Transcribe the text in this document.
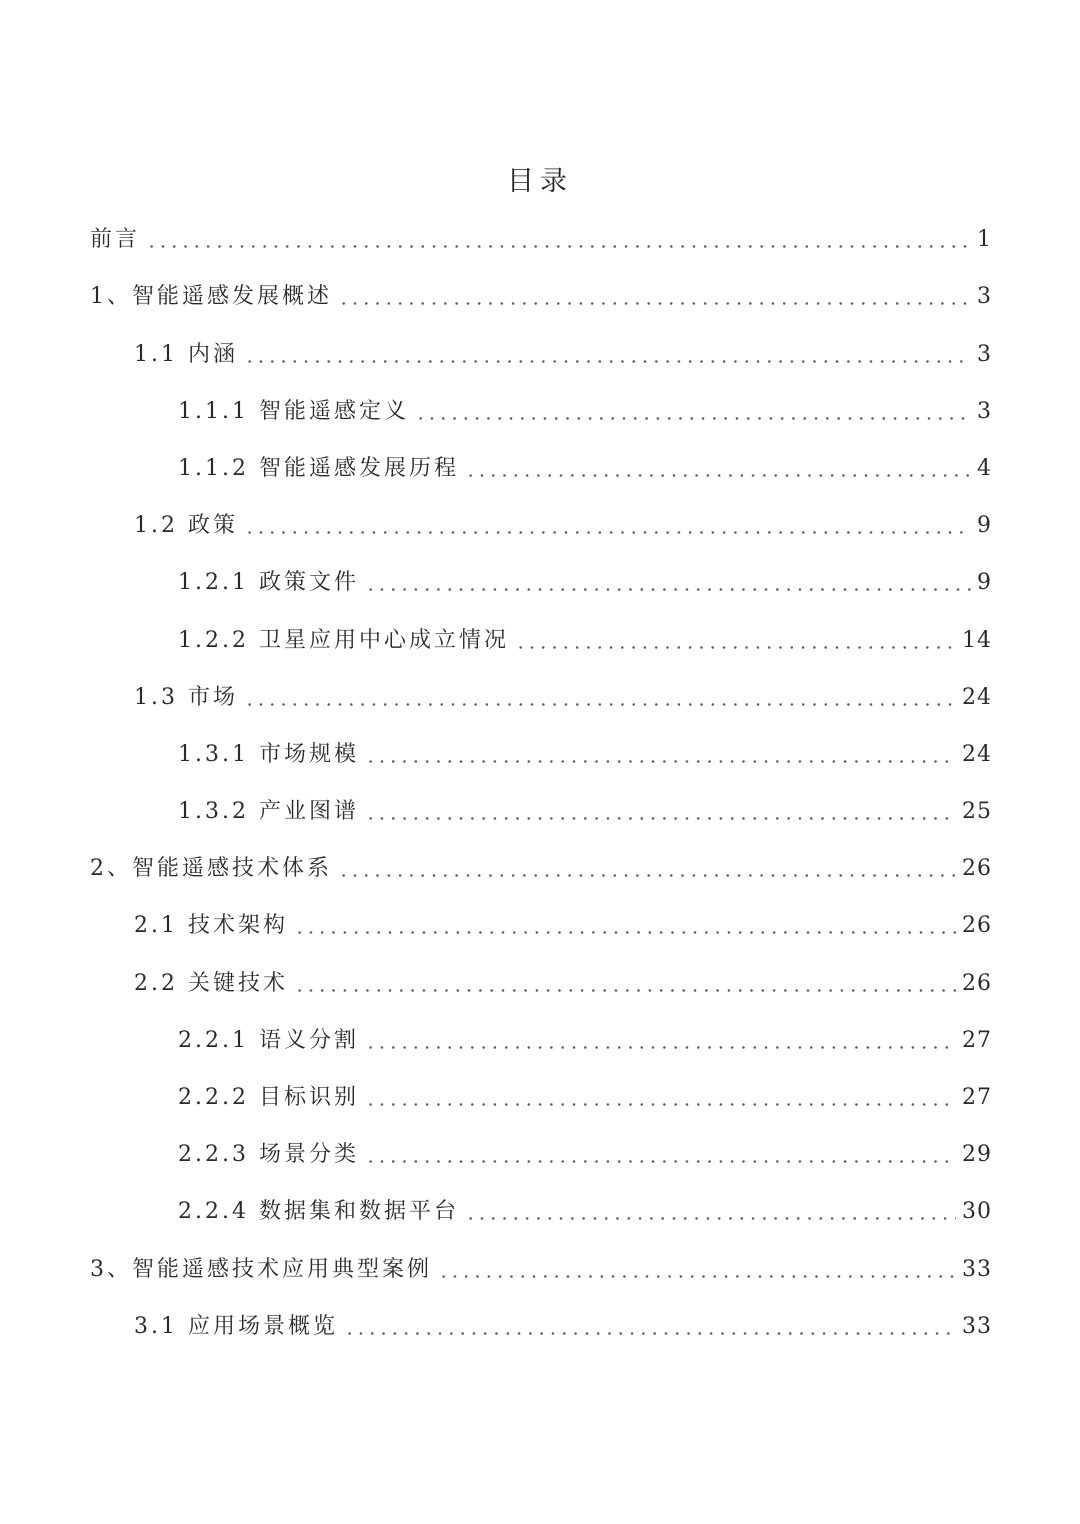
目录
前言	1
1、智能遥感发展概述	3
1.1 内涵	3
1.1.1 智能遥感定义	3
1.1.2 智能遥感发展历程	4
1.2 政策	9
1.2.1 政策文件	9
1.2.2 卫星应用中心成立情况	14
1.3 市场	24
1.3.1 市场规模	24
1.3.2 产业图谱	25
2、智能遥感技术体系	26
2.1 技术架构	26
2.2 关键技术	26
2.2.1 语义分割	27
2.2.2 目标识别	27
2.2.3 场景分类	29
2.2.4 数据集和数据平台	30
3、智能遥感技术应用典型案例	33
3.1 应用场景概览	33
